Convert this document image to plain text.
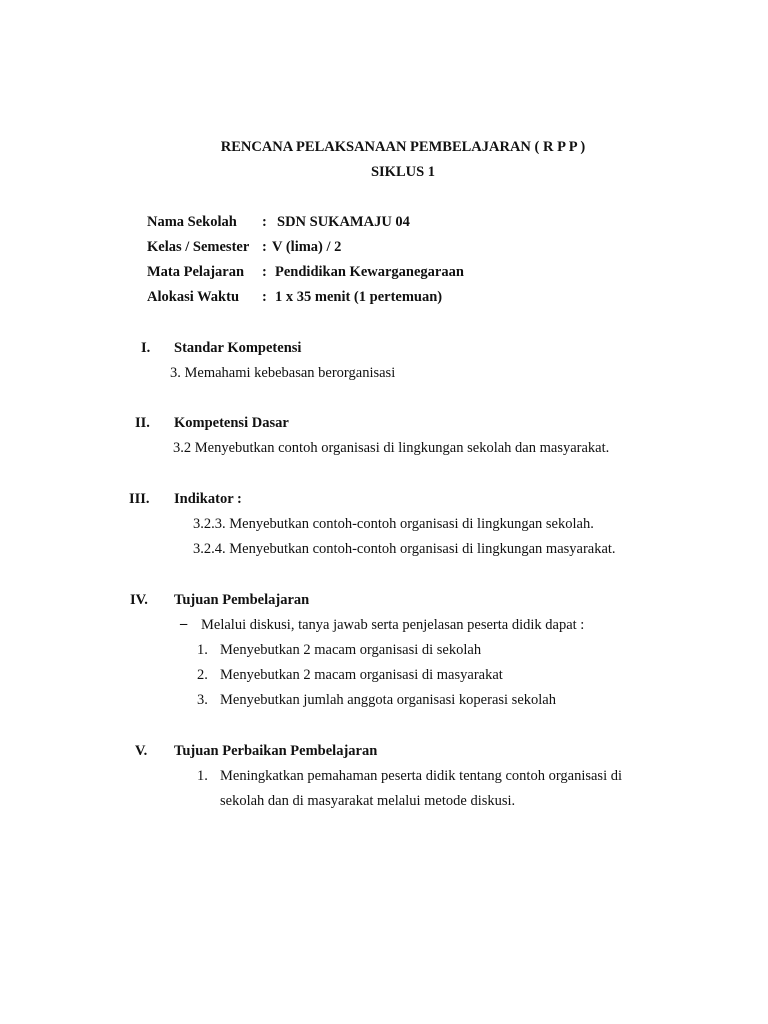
RENCANA PELAKSANAAN PEMBELAJARAN ( R P P )
SIKLUS 1
Nama Sekolah : SDN SUKAMAJU 04
Kelas / Semester : V (lima) / 2
Mata Pelajaran : Pendidikan Kewarganegaraan
Alokasi Waktu : 1 x 35 menit (1 pertemuan)
I. Standar Kompetensi
3. Memahami kebebasan berorganisasi
II. Kompetensi Dasar
3.2 Menyebutkan contoh organisasi di lingkungan sekolah dan masyarakat.
III. Indikator :
3.2.3. Menyebutkan contoh-contoh organisasi di lingkungan sekolah.
3.2.4. Menyebutkan contoh-contoh organisasi di lingkungan masyarakat.
IV. Tujuan Pembelajaran
– Melalui diskusi, tanya jawab serta penjelasan peserta didik dapat :
1. Menyebutkan 2 macam organisasi di sekolah
2. Menyebutkan 2 macam organisasi di masyarakat
3. Menyebutkan jumlah anggota organisasi koperasi sekolah
V. Tujuan Perbaikan Pembelajaran
1. Meningkatkan pemahaman peserta didik tentang contoh organisasi di
sekolah dan di masyarakat melalui metode diskusi.
